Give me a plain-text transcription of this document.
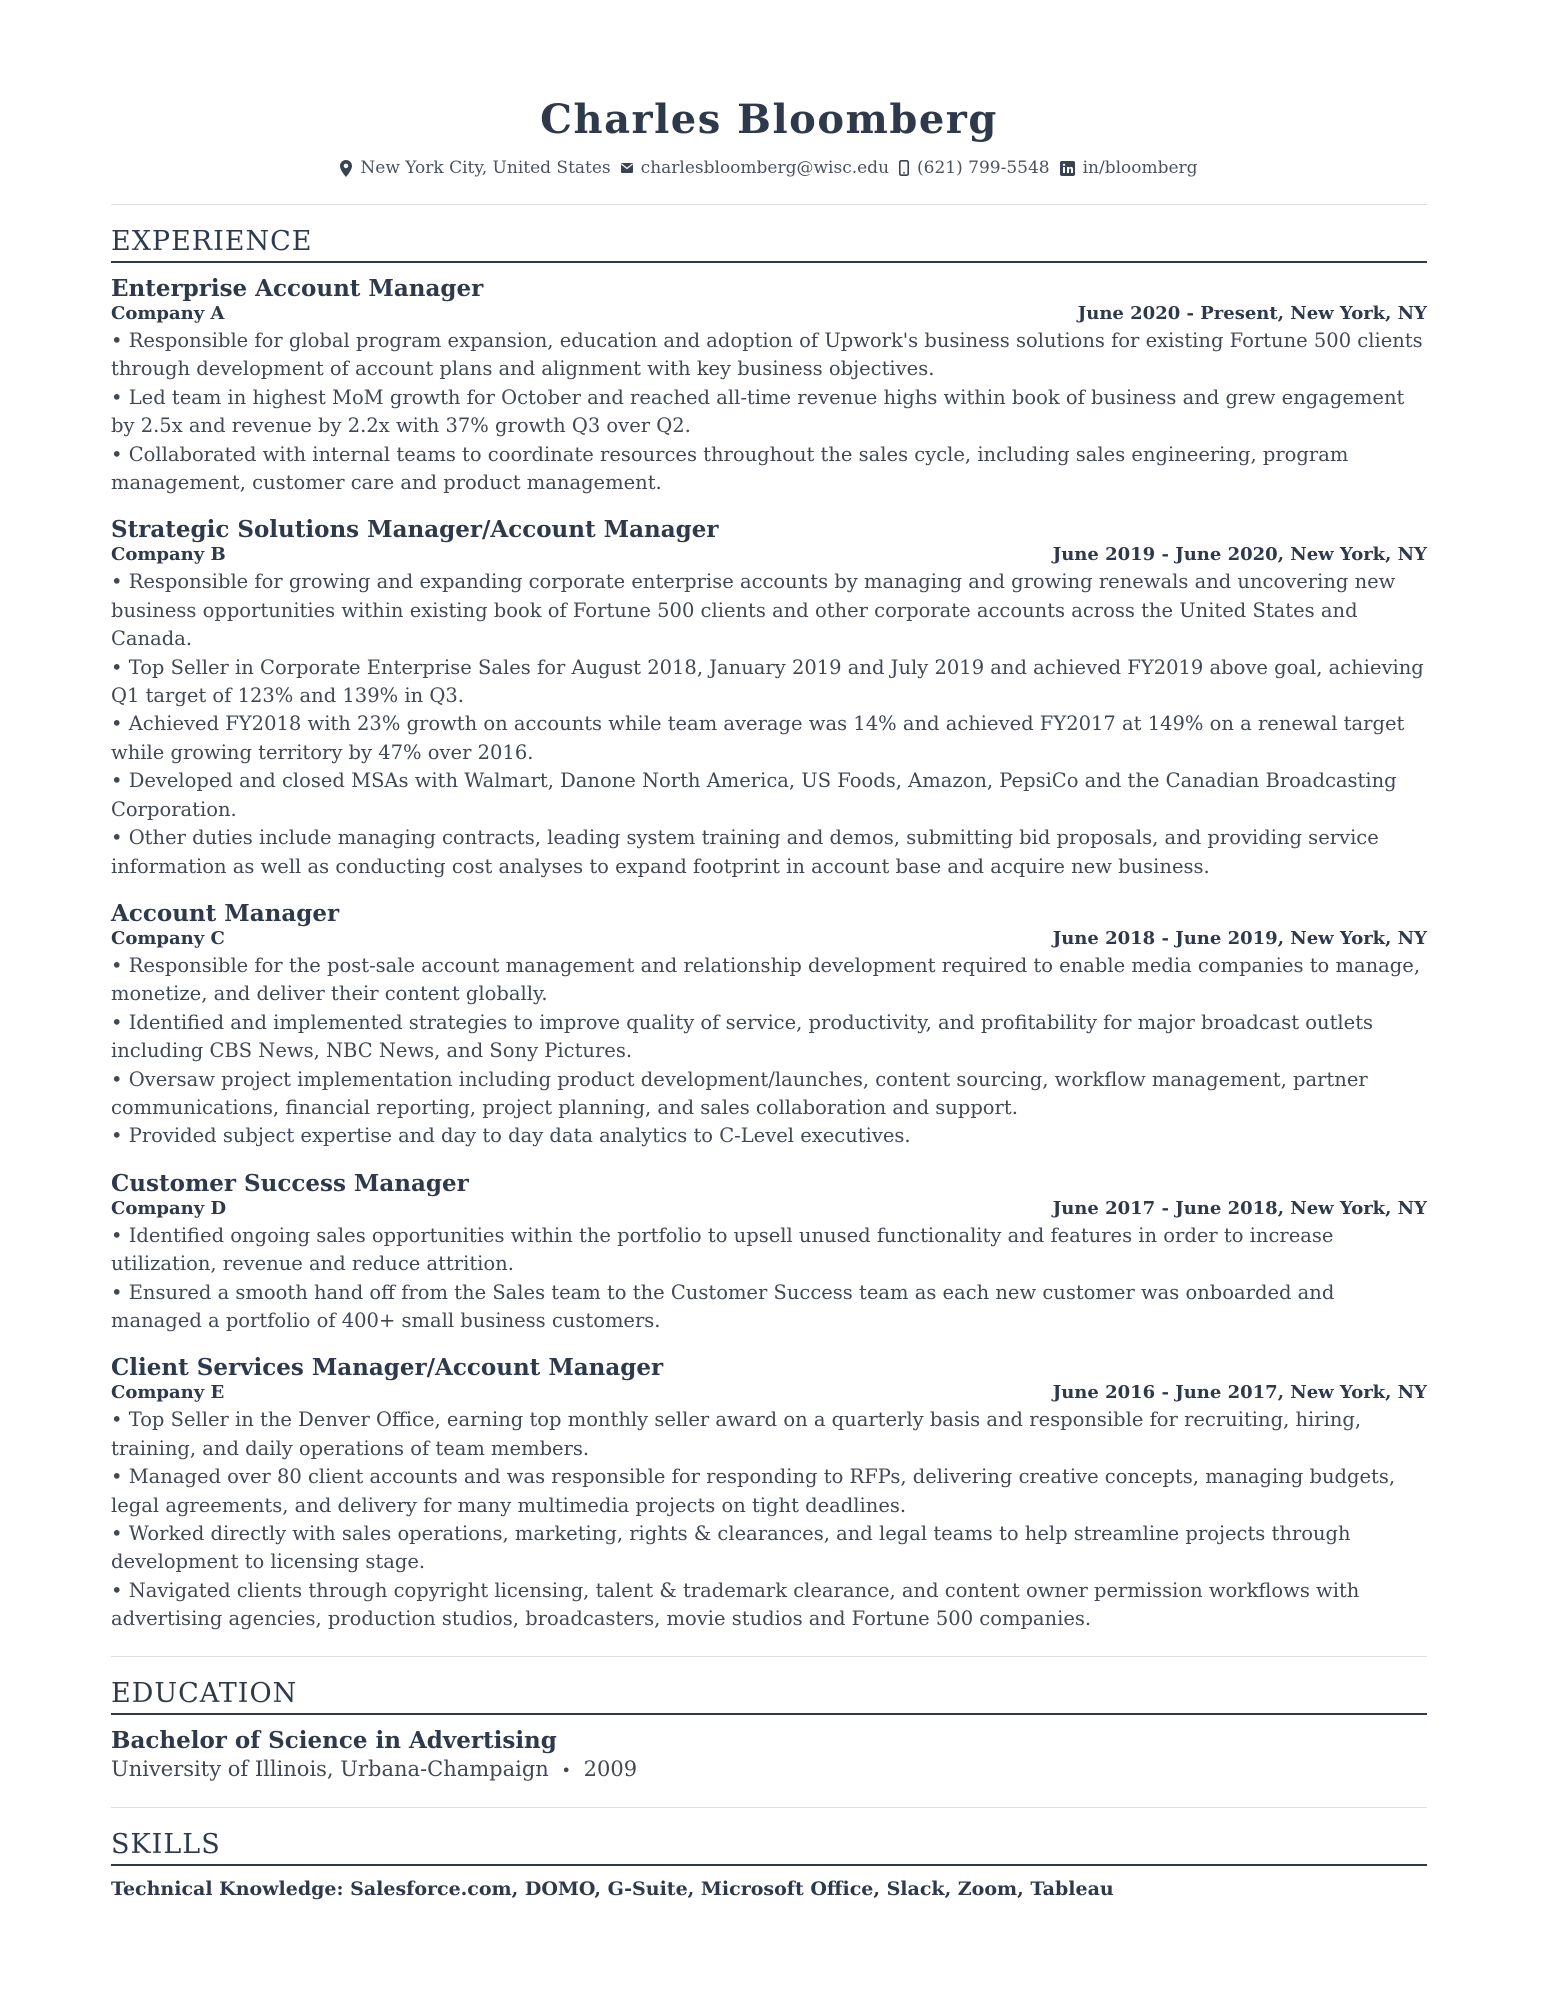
Charles Bloomberg
New York City, United States charlesbloomberg@wisc.edu (621) 799-5548 in/bloomberg
EXPERIENCE
Enterprise Account Manager
Company A	June 2020 - Present, New York, NY
• Responsible for global program expansion, education and adoption of Upwork's business solutions for existing Fortune 500 clients through development of account plans and alignment with key business objectives.
• Led team in highest MoM growth for October and reached all-time revenue highs within book of business and grew engagement by 2.5x and revenue by 2.2x with 37% growth Q3 over Q2.
• Collaborated with internal teams to coordinate resources throughout the sales cycle, including sales engineering, program management, customer care and product management.
Strategic Solutions Manager/Account Manager
Company B	June 2019 - June 2020, New York, NY
• Responsible for growing and expanding corporate enterprise accounts by managing and growing renewals and uncovering new business opportunities within existing book of Fortune 500 clients and other corporate accounts across the United States and Canada.
• Top Seller in Corporate Enterprise Sales for August 2018, January 2019 and July 2019 and achieved FY2019 above goal, achieving Q1 target of 123% and 139% in Q3.
• Achieved FY2018 with 23% growth on accounts while team average was 14% and achieved FY2017 at 149% on a renewal target while growing territory by 47% over 2016.
• Developed and closed MSAs with Walmart, Danone North America, US Foods, Amazon, PepsiCo and the Canadian Broadcasting Corporation.
• Other duties include managing contracts, leading system training and demos, submitting bid proposals, and providing service information as well as conducting cost analyses to expand footprint in account base and acquire new business.
Account Manager
Company C	June 2018 - June 2019, New York, NY
• Responsible for the post-sale account management and relationship development required to enable media companies to manage, monetize, and deliver their content globally.
• Identified and implemented strategies to improve quality of service, productivity, and profitability for major broadcast outlets including CBS News, NBC News, and Sony Pictures.
• Oversaw project implementation including product development/launches, content sourcing, workflow management, partner communications, financial reporting, project planning, and sales collaboration and support.
• Provided subject expertise and day to day data analytics to C-Level executives.
Customer Success Manager
Company D	June 2017 - June 2018, New York, NY
• Identified ongoing sales opportunities within the portfolio to upsell unused functionality and features in order to increase utilization, revenue and reduce attrition.
• Ensured a smooth hand off from the Sales team to the Customer Success team as each new customer was onboarded and managed a portfolio of 400+ small business customers.
Client Services Manager/Account Manager
Company E	June 2016 - June 2017, New York, NY
• Top Seller in the Denver Office, earning top monthly seller award on a quarterly basis and responsible for recruiting, hiring, training, and daily operations of team members.
• Managed over 80 client accounts and was responsible for responding to RFPs, delivering creative concepts, managing budgets, legal agreements, and delivery for many multimedia projects on tight deadlines.
• Worked directly with sales operations, marketing, rights & clearances, and legal teams to help streamline projects through development to licensing stage.
• Navigated clients through copyright licensing, talent & trademark clearance, and content owner permission workflows with advertising agencies, production studios, broadcasters, movie studios and Fortune 500 companies.
EDUCATION
Bachelor of Science in Advertising
University of Illinois, Urbana-Champaign • 2009
SKILLS
Technical Knowledge: Salesforce.com, DOMO, G-Suite, Microsoft Office, Slack, Zoom, Tableau
